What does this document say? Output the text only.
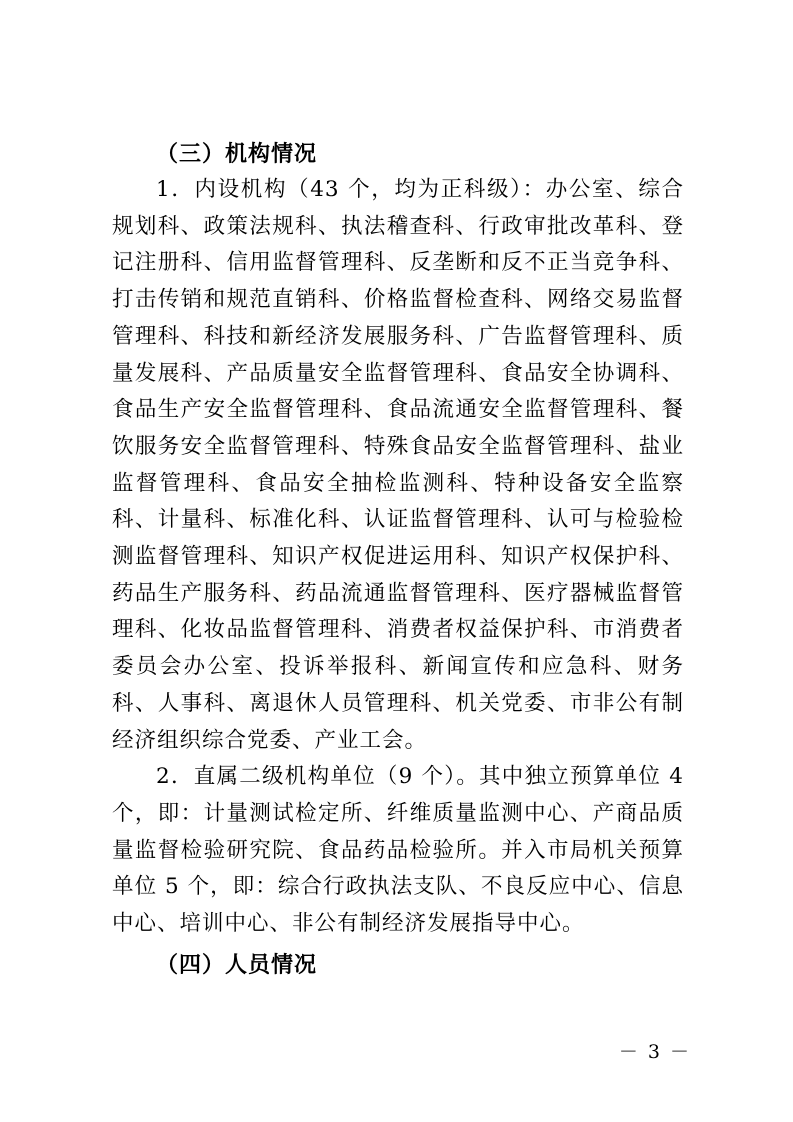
（三）机构情况

1．内设机构（43 个，均为正科级）：办公室、综合规划科、政策法规科、执法稽查科、行政审批改革科、登记注册科、信用监督管理科、反垄断和反不正当竞争科、打击传销和规范直销科、价格监督检查科、网络交易监督管理科、科技和新经济发展服务科、广告监督管理科、质量发展科、产品质量安全监督管理科、食品安全协调科、食品生产安全监督管理科、食品流通安全监督管理科、餐饮服务安全监督管理科、特殊食品安全监督管理科、盐业监督管理科、食品安全抽检监测科、特种设备安全监察科、计量科、标准化科、认证监督管理科、认可与检验检测监督管理科、知识产权促进运用科、知识产权保护科、药品生产服务科、药品流通监督管理科、医疗器械监督管理科、化妆品监督管理科、消费者权益保护科、市消费者委员会办公室、投诉举报科、新闻宣传和应急科、财务科、人事科、离退休人员管理科、机关党委、市非公有制经济组织综合党委、产业工会。

2．直属二级机构单位（9 个）。其中独立预算单位 4 个，即：计量测试检定所、纤维质量监测中心、产商品质量监督检验研究院、食品药品检验所。并入市局机关预算单位 5 个，即：综合行政执法支队、不良反应中心、信息中心、培训中心、非公有制经济发展指导中心。

（四）人员情况

－ 3 －
